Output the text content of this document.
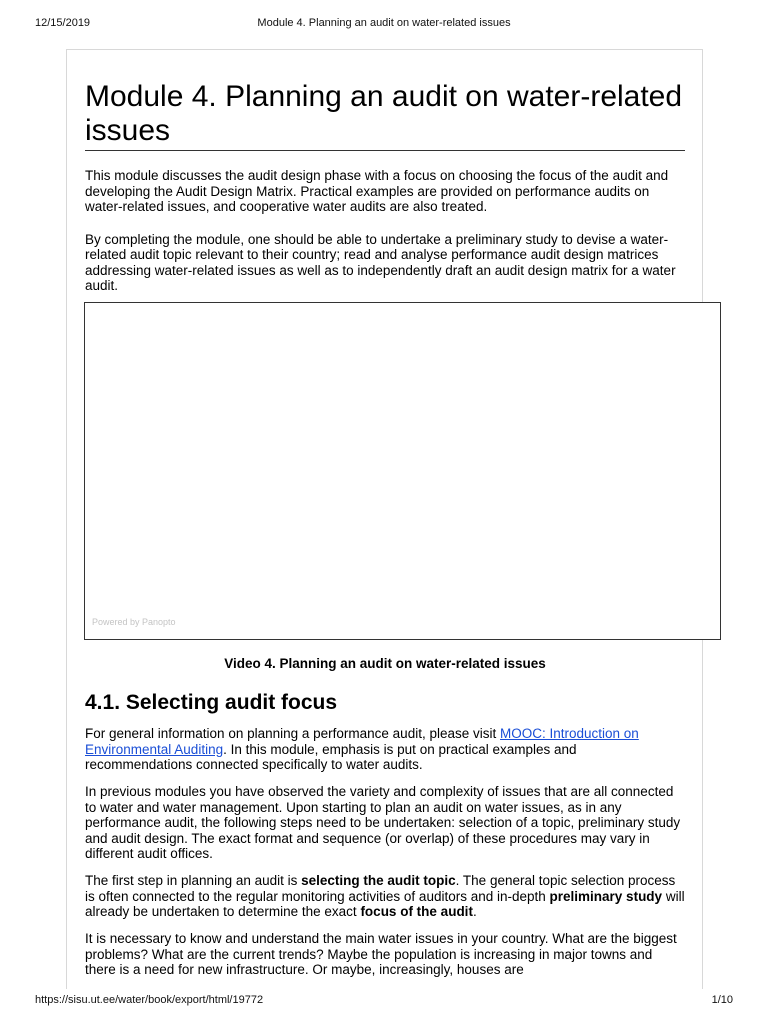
12/15/2019	Module 4. Planning an audit on water-related issues
Module 4. Planning an audit on water-related issues

This module discusses the audit design phase with a focus on choosing the focus of the audit and developing the Audit Design Matrix. Practical examples are provided on performance audits on water-related issues, and cooperative water audits are also treated.

By completing the module, one should be able to undertake a preliminary study to devise a water-related audit topic relevant to their country; read and analyse performance audit design matrices addressing water-related issues as well as to independently draft an audit design matrix for a water audit.

Powered by Panopto
Video 4. Planning an audit on water-related issues
4.1. Selecting audit focus

For general information on planning a performance audit, please visit MOOC: Introduction on Environmental Auditing. In this module, emphasis is put on practical examples and recommendations connected specifically to water audits.

In previous modules you have observed the variety and complexity of issues that are all connected to water and water management. Upon starting to plan an audit on water issues, as in any performance audit, the following steps need to be undertaken: selection of a topic, preliminary study and audit design. The exact format and sequence (or overlap) of these procedures may vary in different audit offices.

The first step in planning an audit is selecting the audit topic. The general topic selection process is often connected to the regular monitoring activities of auditors and in-depth preliminary study will already be undertaken to determine the exact focus of the audit.

It is necessary to know and understand the main water issues in your country. What are the biggest problems? What are the current trends? Maybe the population is increasing in major towns and there is a need for new infrastructure. Or maybe, increasingly, houses are

https://sisu.ut.ee/water/book/export/html/19772	1/10
